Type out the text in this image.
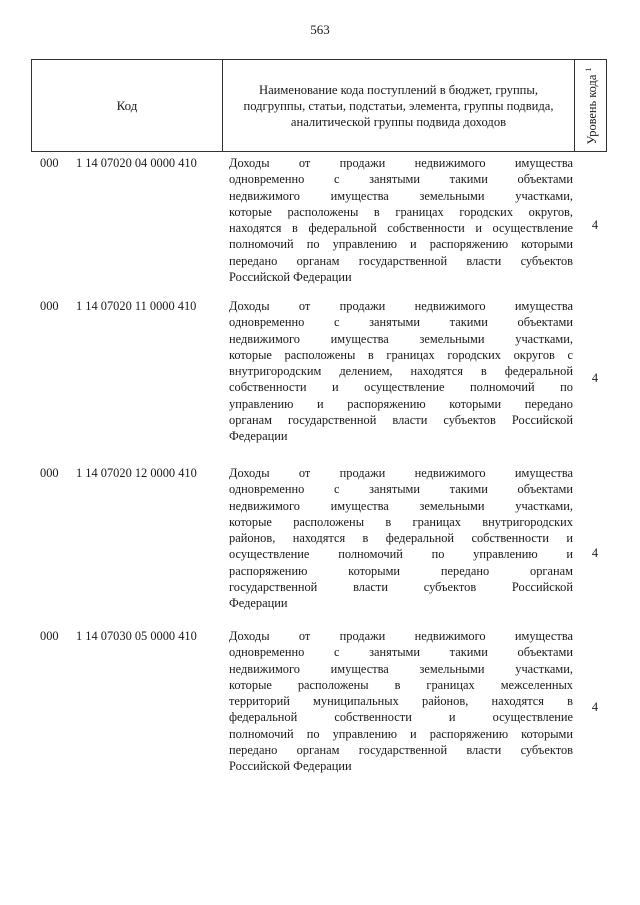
563
Код
Наименование кода поступлений в бюджет, группы, подгруппы, статьи, подстатьи, элемента, группы подвида, аналитической группы подвида доходов	Уровень кода $^1$
000	1 14 07020 04 0000 410	Доходы от продажи недвижимого имущества
одновременно с занятыми такими объектами
недвижимого имущества земельными участками,
которые расположены в границах городских округов,
находятся в федеральной собственности и осуществление
полномочий по управлению и распоряжению которыми
передано органам государственной власти субъектов
Российской Федерации
4
000	1 14 07020 11 0000 410	Доходы от продажи недвижимого имущества
одновременно с занятыми такими объектами
недвижимого имущества земельными участками,
которые расположены в границах городских округов с
внутригородским делением, находятся в федеральной
собственности и осуществление полномочий по
управлению и распоряжению которыми передано
органам государственной власти субъектов Российской
Федерации
4
000	1 14 07020 12 0000 410	Доходы от продажи недвижимого имущества
одновременно с занятыми такими объектами
недвижимого имущества земельными участками,
которые расположены в границах внутригородских
районов, находятся в федеральной собственности и
осуществление полномочий по управлению и
распоряжению которыми передано органам
государственной власти субъектов Российской
Федерации
4
000	1 14 07030 05 0000 410	Доходы от продажи недвижимого имущества
одновременно с занятыми такими объектами
недвижимого имущества земельными участками,
которые расположены в границах межселенных
территорий муниципальных районов, находятся в
федеральной собственности и осуществление
полномочий по управлению и распоряжению которыми
передано органам государственной власти субъектов
Российской Федерации
4
